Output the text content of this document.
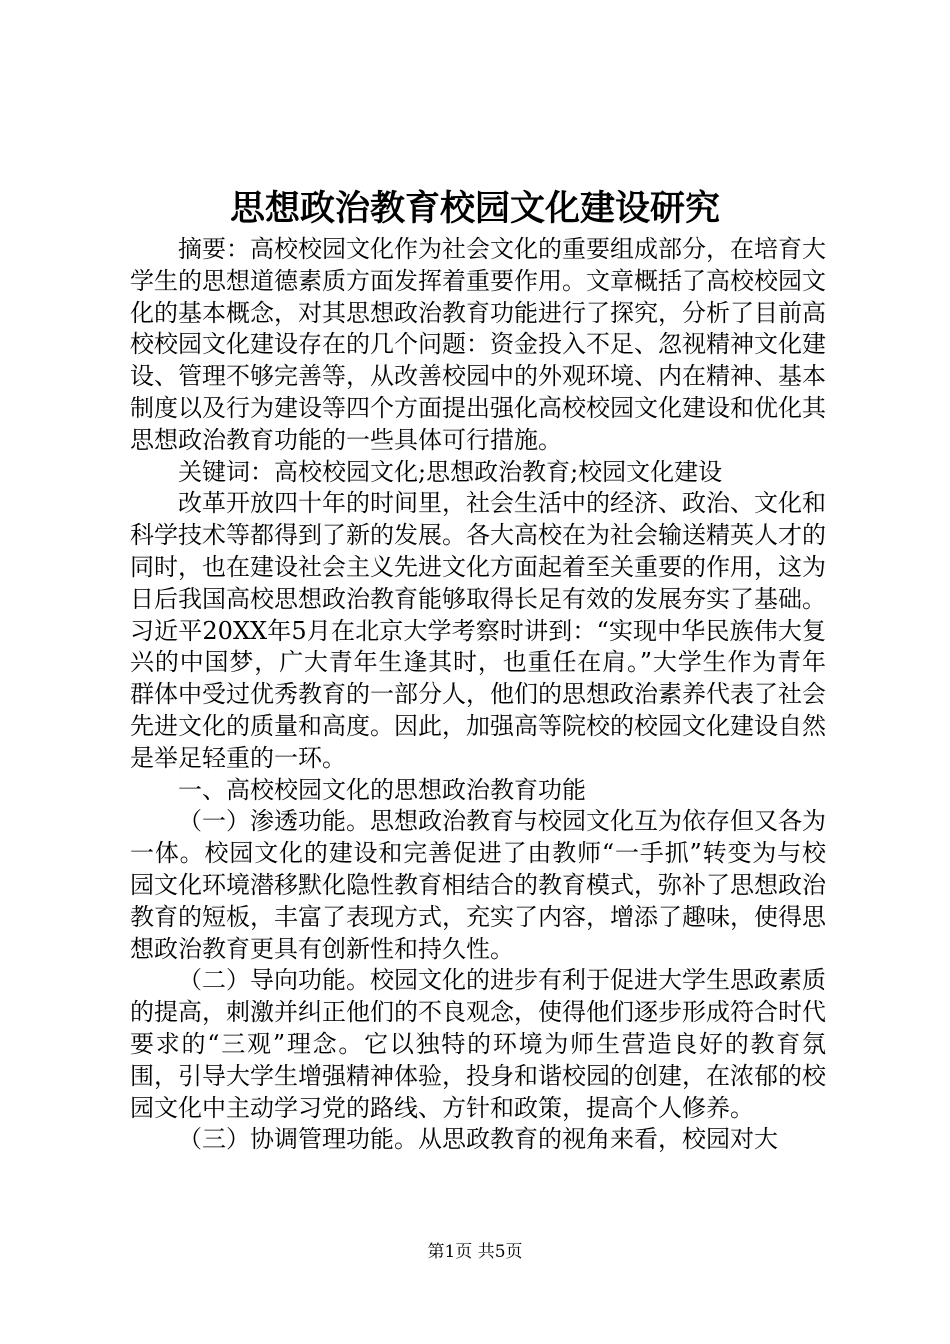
思想政治教育校园文化建设研究

摘要：高校校园文化作为社会文化的重要组成部分，在培育大学生的思想道德素质方面发挥着重要作用。文章概括了高校校园文化的基本概念，对其思想政治教育功能进行了探究，分析了目前高校校园文化建设存在的几个问题：资金投入不足、忽视精神文化建设、管理不够完善等，从改善校园中的外观环境、内在精神、基本制度以及行为建设等四个方面提出强化高校校园文化建设和优化其思想政治教育功能的一些具体可行措施。

关键词：高校校园文化;思想政治教育;校园文化建设

改革开放四十年的时间里，社会生活中的经济、政治、文化和科学技术等都得到了新的发展。各大高校在为社会输送精英人才的同时，也在建设社会主义先进文化方面起着至关重要的作用，这为日后我国高校思想政治教育能够取得长足有效的发展夯实了基础。习近平20XX年5月在北京大学考察时讲到：“实现中华民族伟大复兴的中国梦，广大青年生逢其时，也重任在肩。”大学生作为青年群体中受过优秀教育的一部分人，他们的思想政治素养代表了社会先进文化的质量和高度。因此，加强高等院校的校园文化建设自然是举足轻重的一环。

一、高校校园文化的思想政治教育功能

（一）渗透功能。思想政治教育与校园文化互为依存但又各为一体。校园文化的建设和完善促进了由教师“一手抓”转变为与校园文化环境潜移默化隐性教育相结合的教育模式，弥补了思想政治教育的短板，丰富了表现方式，充实了内容，增添了趣味，使得思想政治教育更具有创新性和持久性。

（二）导向功能。校园文化的进步有利于促进大学生思政素质的提高，刺激并纠正他们的不良观念，使得他们逐步形成符合时代要求的“三观”理念。它以独特的环境为师生营造良好的教育氛围，引导大学生增强精神体验，投身和谐校园的创建，在浓郁的校园文化中主动学习党的路线、方针和政策，提高个人修养。

（三）协调管理功能。从思政教育的视角来看，校园对大

第1页 共5页
